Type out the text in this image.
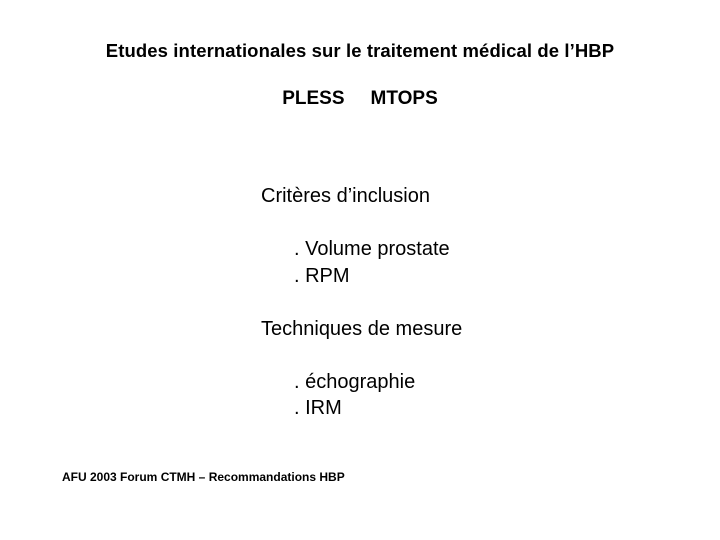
Etudes internationales sur le traitement médical de l’HBP
PLESS MTOPS
Critères d’inclusion
. Volume prostate
. RPM
Techniques de mesure
. échographie
. IRM
AFU 2003 Forum CTMH – Recommandations HBP
